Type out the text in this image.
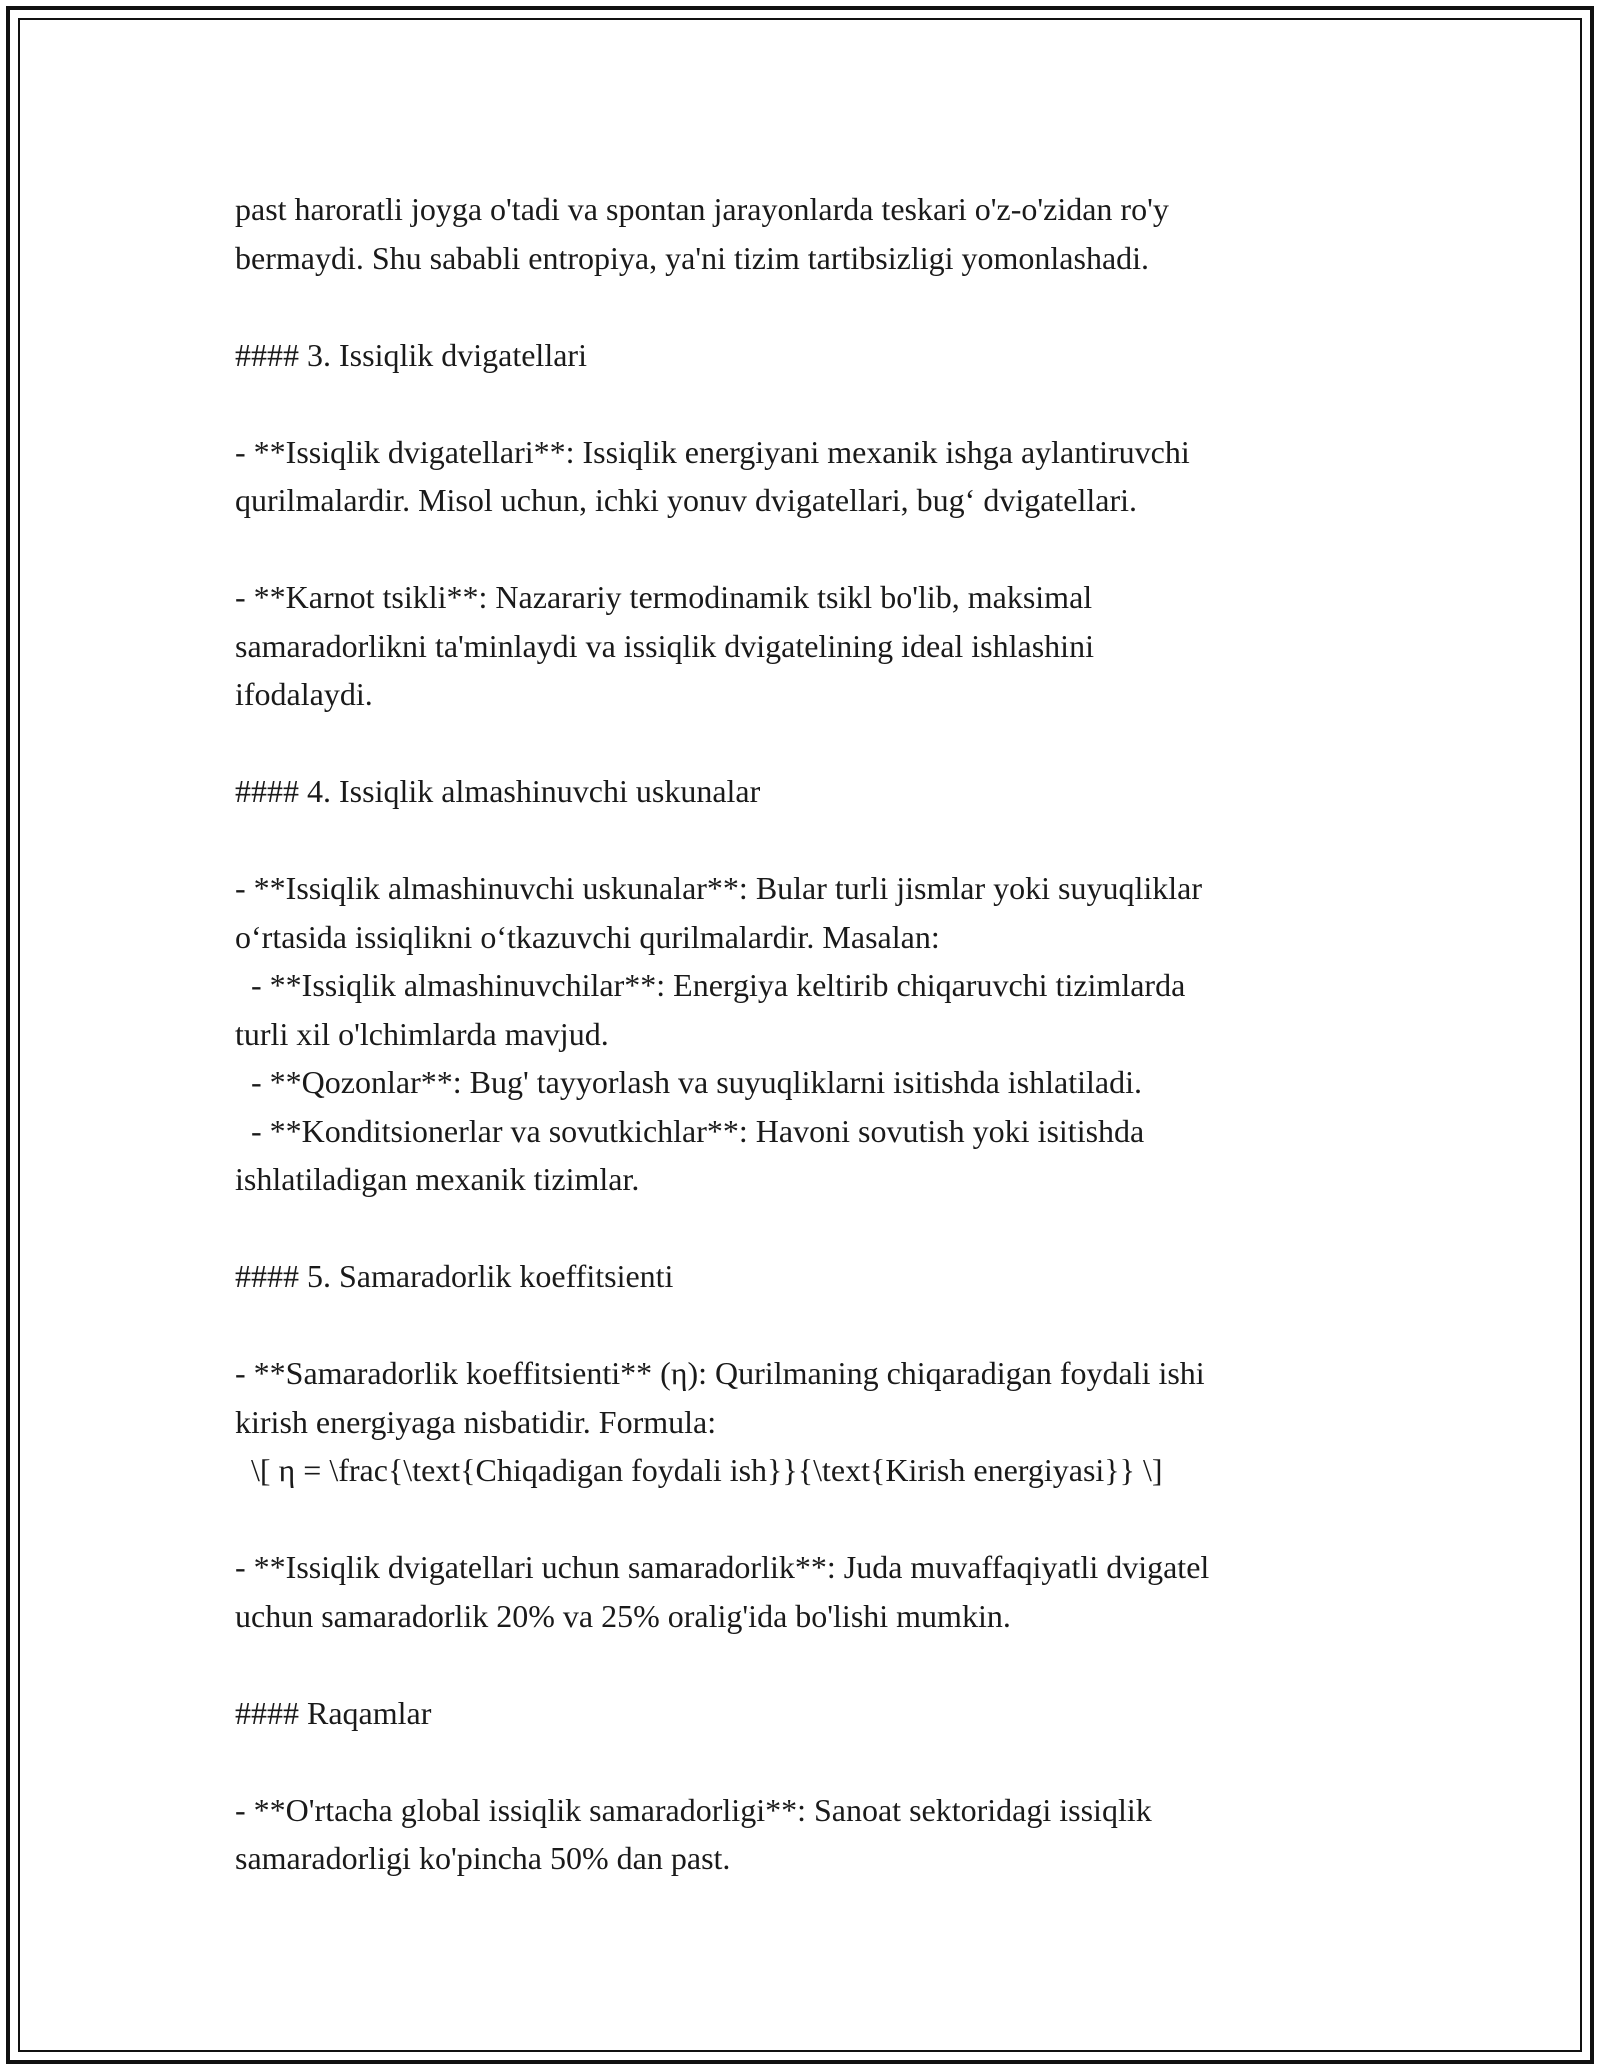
past haroratli joyga o'tadi va spontan jarayonlarda teskari o'z-o'zidan ro'y
bermaydi. Shu sababli entropiya, ya'ni tizim tartibsizligi yomonlashadi.
#### 3. Issiqlik dvigatellari
- **Issiqlik dvigatellari**: Issiqlik energiyani mexanik ishga aylantiruvchi
qurilmalardir. Misol uchun, ichki yonuv dvigatellari, bug‘ dvigatellari.
- **Karnot tsikli**: Nazarariy termodinamik tsikl bo'lib, maksimal
samaradorlikni ta'minlaydi va issiqlik dvigatelining ideal ishlashini
ifodalaydi.
#### 4. Issiqlik almashinuvchi uskunalar
- **Issiqlik almashinuvchi uskunalar**: Bular turli jismlar yoki suyuqliklar
o‘rtasida issiqlikni o‘tkazuvchi qurilmalardir. Masalan:
- **Issiqlik almashinuvchilar**: Energiya keltirib chiqaruvchi tizimlarda
turli xil o'lchimlarda mavjud.
- **Qozonlar**: Bug' tayyorlash va suyuqliklarni isitishda ishlatiladi.
- **Konditsionerlar va sovutkichlar**: Havoni sovutish yoki isitishda
ishlatiladigan mexanik tizimlar.
#### 5. Samaradorlik koeffitsienti
- **Samaradorlik koeffitsienti** (η): Qurilmaning chiqaradigan foydali ishi
kirish energiyaga nisbatidir. Formula:
\[ η = \frac{\text{Chiqadigan foydali ish}}{\text{Kirish energiyasi}} \]
- **Issiqlik dvigatellari uchun samaradorlik**: Juda muvaffaqiyatli dvigatel
uchun samaradorlik 20% va 25% oralig'ida bo'lishi mumkin.
#### Raqamlar
- **O'rtacha global issiqlik samaradorligi**: Sanoat sektoridagi issiqlik
samaradorligi ko'pincha 50% dan past.
